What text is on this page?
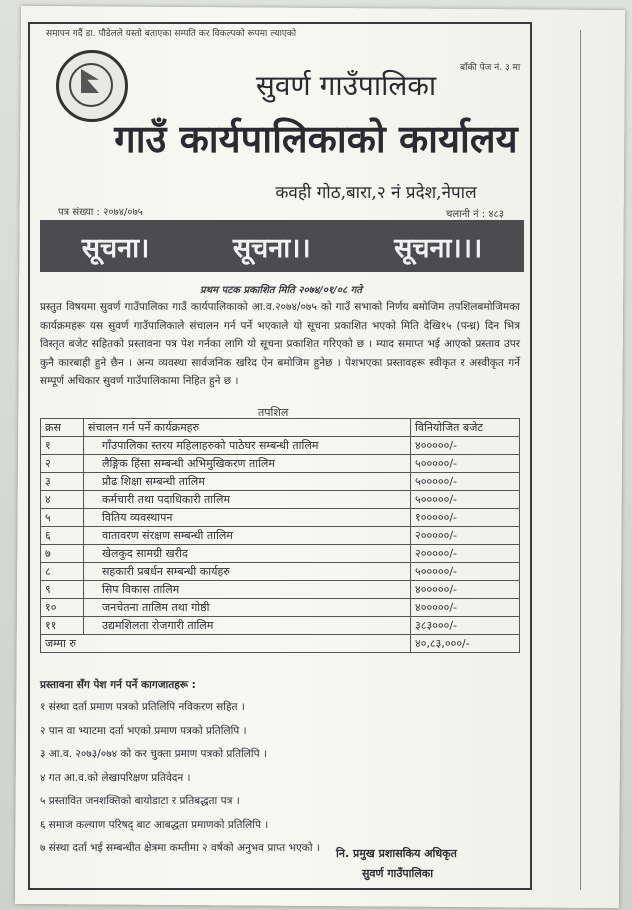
समापन गर्दै डा. पौडेलले यस्तो बताएका सम्पति कर विकल्पको रूपमा ल्याएको
बाँकी पेज नं. ३ मा
सुवर्ण गाउँपालिका
गाउँ कार्यपालिकाको कार्यालय
कवही गोठ,बारा,२ नं प्रदेश,नेपाल
पत्र संख्या : २०७४/०७५	चलानी नं : ४८३
सूचना।	सूचना।।	सूचना।।।
प्रथम पटक प्रकाशित मिति २०७४/०१/०८ गते
प्रस्तुत विषयमा सुवर्ण गाउँपालिका गाउँ कार्यपालिकाको आ.व.२०७४/०७५ को गाउँ सभाको निर्णय बमोजिम तपशिलबमोजिमका कार्यक्रमहरू यस सुवर्ण गाउँपालिकाले संचालन गर्न पर्ने भएकाले यो सूचना प्रकाशित भएको मिति देखि१५ (पन्ध्र) दिन भित्र विस्तृत बजेट सहितको प्रस्तावना पत्र पेश गर्नका लागि यो सूचना प्रकाशित गरिएको छ । म्याद समाप्त भई आएको प्रस्ताव उपर कुनै कारबाही हुने छैन । अन्य व्यवस्था सार्वजनिक खरिद ऐन बमोजिम हुनेछ । पेशभएका प्रस्तावहरू स्वीकृत र अस्वीकृत गर्ने सम्पूर्ण अधिकार सुवर्ण गाउँपालिकामा निहित हुने छ ।
तपशिल
क्रस	संचालन गर्न पर्ने कार्यक्रमहरु	विनियोजित बजेट
१	गाँउपालिका स्तरय महिलाहरुको पाठेघर सम्बन्धी तालिम	४०००००/-
२	लैङ्गिक हिंसा सम्बन्धी अभिमुखिकरण तालिम	५०००००/-
३	प्रौढ शिक्षा सम्बन्धी तालिम	५०००००/-
४	कर्मचारी तथा पदाधिकारी तालिम	५०००००/-
५	वितिय व्यवस्थापन	१०००००/-
६	वातावरण संरक्षण सम्बन्धी तालिम	२०००००/-
७	खेलकुद सामग्री खरीद	२०००००/-
८	सहकारी प्रबर्धन सम्बन्धी कार्यहरु	५०००००/-
९	सिप विकास तालिम	४०००००/-
१०	जनचेतना तालिम तथा गोष्ठी	४०००००/-
११	उद्यमशिलता रोजगारी तालिम	३८३०००/-
जम्मा रु		४०,८३,०००/-
प्रस्तावना सँग पेश गर्न पर्ने कागजातहरू :
१ संस्था दर्ता प्रमाण पत्रको प्रतिलिपि नविकरण सहित ।
२ पान वा भ्याटमा दर्ता भएको प्रमाण पत्रको प्रतिलिपि ।
३ आ.व. २०७३/०७४ को कर चुक्ता प्रमाण पत्रको प्रतिलिपि ।
४ गत आ.व.को लेखापरिक्षण प्रतिवेदन ।
५ प्रस्तावित जनशक्तिको बायोडाटा र प्रतिबद्धता पत्र ।
६ समाज कल्याण परिषद् बाट आबद्धता प्रमाणको प्रतिलिपि ।
७ संस्था दर्ता भई सम्बन्धीत क्षेत्रमा कम्तीमा २ वर्षको अनुभव प्राप्त भएको ।	नि. प्रमुख प्रशासकिय अधिकृत
सुवर्ण गाउँपालिका
